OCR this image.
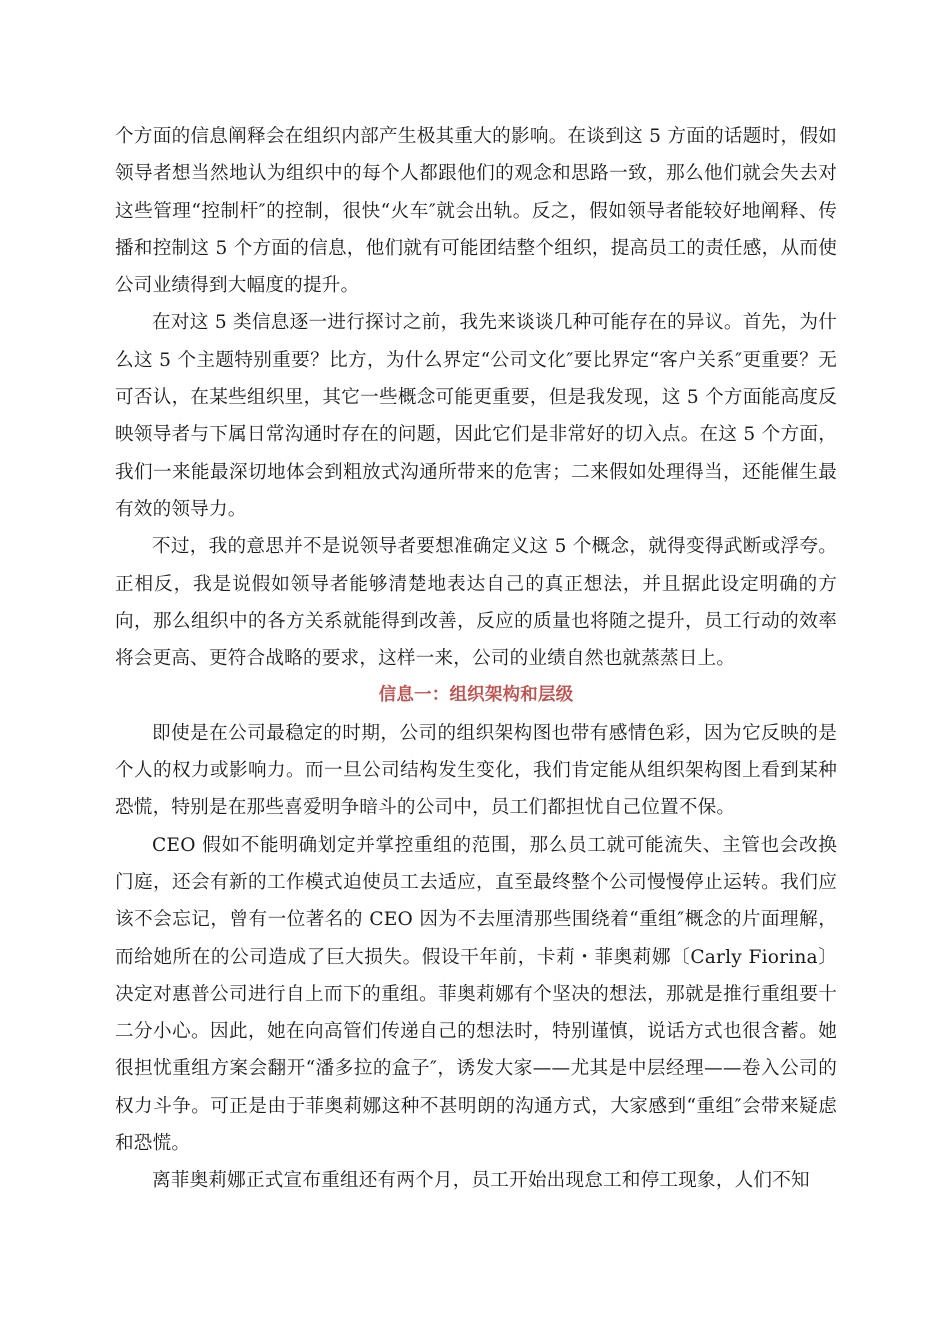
个方面的信息阐释会在组织内部产生极其重大的影响。在谈到这 5 方面的话题时，假如领导者想当然地认为组织中的每个人都跟他们的观念和思路一致，那么他们就会失去对这些管理“控制杆″的控制，很快“火车″就会出轨。反之，假如领导者能较好地阐释、传播和控制这 5 个方面的信息，他们就有可能团结整个组织，提高员工的责任感，从而使公司业绩得到大幅度的提升。

在对这 5 类信息逐一进行探讨之前，我先来谈谈几种可能存在的异议。首先，为什么这 5 个主题特别重要？比方，为什么界定“公司文化″要比界定“客户关系″更重要？无可否认，在某些组织里，其它一些概念可能更重要，但是我发现，这 5 个方面能高度反映领导者与下属日常沟通时存在的问题，因此它们是非常好的切入点。在这 5 个方面，我们一来能最深切地体会到粗放式沟通所带来的危害；二来假如处理得当，还能催生最有效的领导力。

不过，我的意思并不是说领导者要想准确定义这 5 个概念，就得变得武断或浮夸。正相反，我是说假如领导者能够清楚地表达自己的真正想法，并且据此设定明确的方向，那么组织中的各方关系就能得到改善，反应的质量也将随之提升，员工行动的效率将会更高、更符合战略的要求，这样一来，公司的业绩自然也就蒸蒸日上。

信息一：组织架构和层级

即使是在公司最稳定的时期，公司的组织架构图也带有感情色彩，因为它反映的是个人的权力或影响力。而一旦公司结构发生变化，我们肯定能从组织架构图上看到某种恐慌，特别是在那些喜爱明争暗斗的公司中，员工们都担忧自己位置不保。

CEO 假如不能明确划定并掌控重组的范围，那么员工就可能流失、主管也会改换门庭，还会有新的工作模式迫使员工去适应，直至最终整个公司慢慢停止运转。我们应该不会忘记，曾有一位著名的 CEO 因为不去厘清那些围绕着“重组″概念的片面理解，而给她所在的公司造成了巨大损失。假设干年前，卡莉・菲奥莉娜〔Carly Fiorina〕决定对惠普公司进行自上而下的重组。菲奥莉娜有个坚决的想法，那就是推行重组要十二分小心。因此，她在向高管们传递自己的想法时，特别谨慎，说话方式也很含蓄。她很担忧重组方案会翻开“潘多拉的盒子″，诱发大家——尤其是中层经理——卷入公司的权力斗争。可正是由于菲奥莉娜这种不甚明朗的沟通方式，大家感到“重组″会带来疑虑和恐慌。

离菲奥莉娜正式宣布重组还有两个月，员工开始出现怠工和停工现象，人们不知
